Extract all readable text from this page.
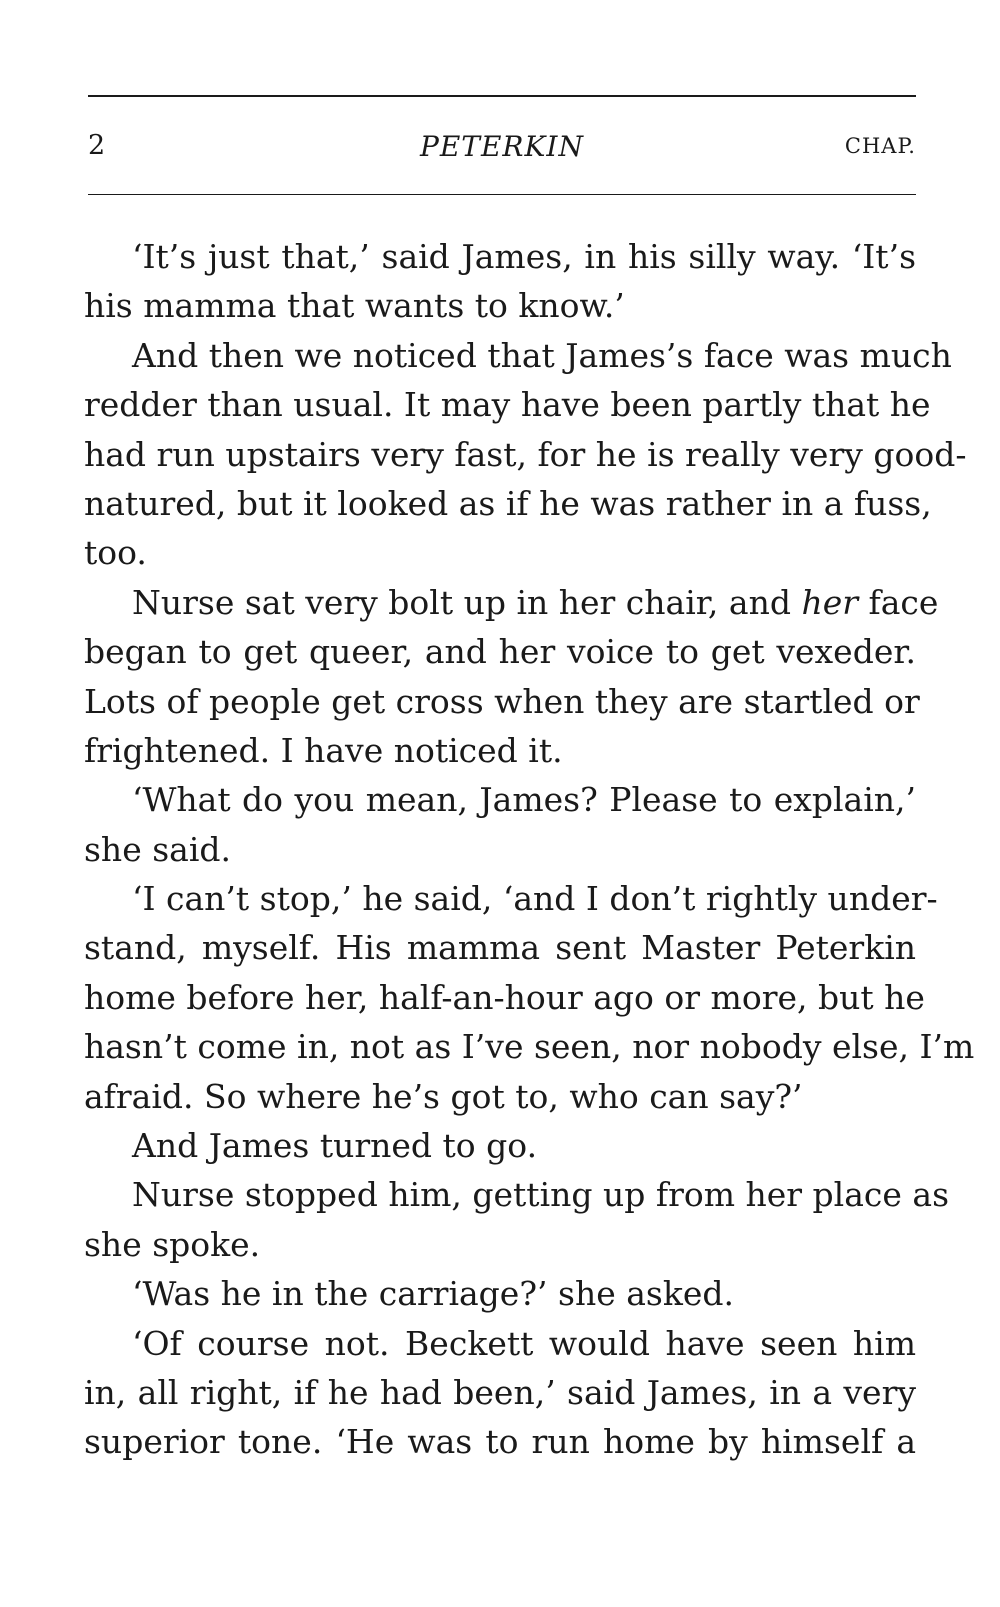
2	PETERKIN	CHAP.
‘It’s just that,’ said James, in his silly way. ‘It’s
his mamma that wants to know.’
And then we noticed that James’s face was much
redder than usual. It may have been partly that he
had run upstairs very fast, for he is really very good-
natured, but it looked as if he was rather in a fuss,
too.
Nurse sat very bolt up in her chair, and her face
began to get queer, and her voice to get vexeder.
Lots of people get cross when they are startled or
frightened. I have noticed it.
‘What do you mean, James? Please to explain,’
she said.
‘I can’t stop,’ he said, ‘and I don’t rightly under-
stand, myself. His mamma sent Master Peterkin
home before her, half-an-hour ago or more, but he
hasn’t come in, not as I’ve seen, nor nobody else, I’m
afraid. So where he’s got to, who can say?’
And James turned to go.
Nurse stopped him, getting up from her place as
she spoke.
‘Was he in the carriage?’ she asked.
‘Of course not. Beckett would have seen him
in, all right, if he had been,’ said James, in a very
superior tone. ‘He was to run home by himself a
